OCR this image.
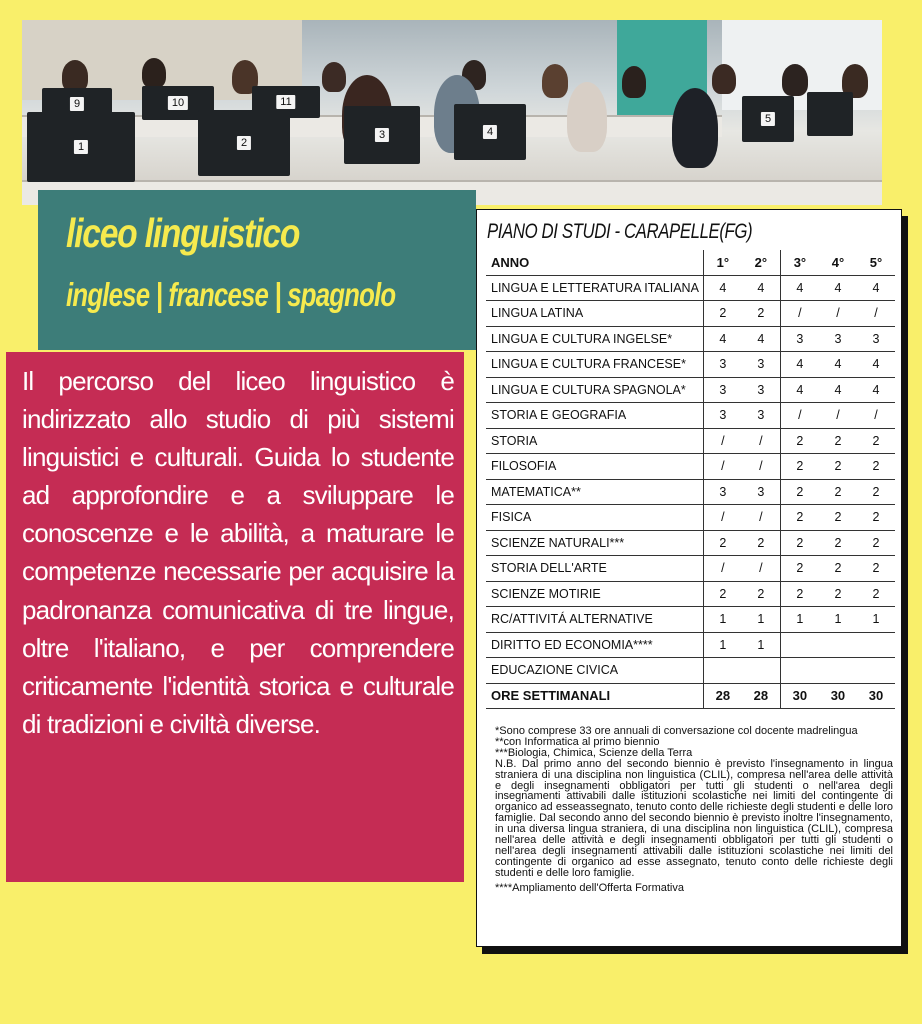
9	10	11
1	2
3	4
5
liceo linguistico
inglese | francese | spagnolo
Il percorso del liceo linguistico è indirizzato allo studio di più sistemi linguistici e culturali. Guida lo studente ad approfondire e a sviluppare le conoscenze e le abilità, a maturare le competenze necessarie per acquisire la padronanza comunicativa di tre lingue, oltre l'italiano, e per comprendere criticamente l'identità storica e culturale di tradizioni e civiltà diverse.
PIANO DI STUDI - CARAPELLE(FG)
ANNO	1°	2°	3°	4°	5°
LINGUA E LETTERATURA ITALIANA	4	4	4	4	4
LINGUA LATINA	2	2	/	/	/
LINGUA E CULTURA INGELSE*	4	4	3	3	3
LINGUA E CULTURA FRANCESE*	3	3	4	4	4
LINGUA E CULTURA SPAGNOLA*	3	3	4	4	4
STORIA E GEOGRAFIA	3	3	/	/	/
STORIA	/	/	2	2	2
FILOSOFIA	/	/	2	2	2
MATEMATICA**	3	3	2	2	2
FISICA	/	/	2	2	2
SCIENZE NATURALI***	2	2	2	2	2
STORIA DELL'ARTE	/	/	2	2	2
SCIENZE MOTIRIE	2	2	2	2	2
RC/ATTIVITÁ ALTERNATIVE	1	1	1	1	1
DIRITTO ED ECONOMIA****	1	1			
EDUCAZIONE CIVICA					
ORE SETTIMANALI	28	28	30	30	30

*Sono comprese 33 ore annuali di conversazione col docente madrelingua

**con Informatica al primo biennio

***Biologia, Chimica, Scienze della Terra

N.B. Dal primo anno del secondo biennio è previsto l'insegnamento in lingua straniera di una disciplina non linguistica (CLIL), compresa nell'area delle attività e degli insegnamenti obbligatori per tutti gli studenti o nell'area degli insegnamenti attivabili dalle istituzioni scolastiche nei limiti del contingente di organico ad esseassegnato, tenuto conto delle richieste degli studenti e delle loro famiglie. Dal secondo anno del secondo biennio è previsto inoltre l'insegnamento, in una diversa lingua straniera, di una disciplina non linguistica (CLIL), compresa nell'area delle attività e degli insegnamenti obbligatori per tutti gli studenti o nell'area degli insegnamenti attivabili dalle istituzioni scolastiche nei limiti del contingente di organico ad esse assegnato, tenuto conto delle richieste degli studenti e delle loro famiglie.

****Ampliamento dell'Offerta Formativa
